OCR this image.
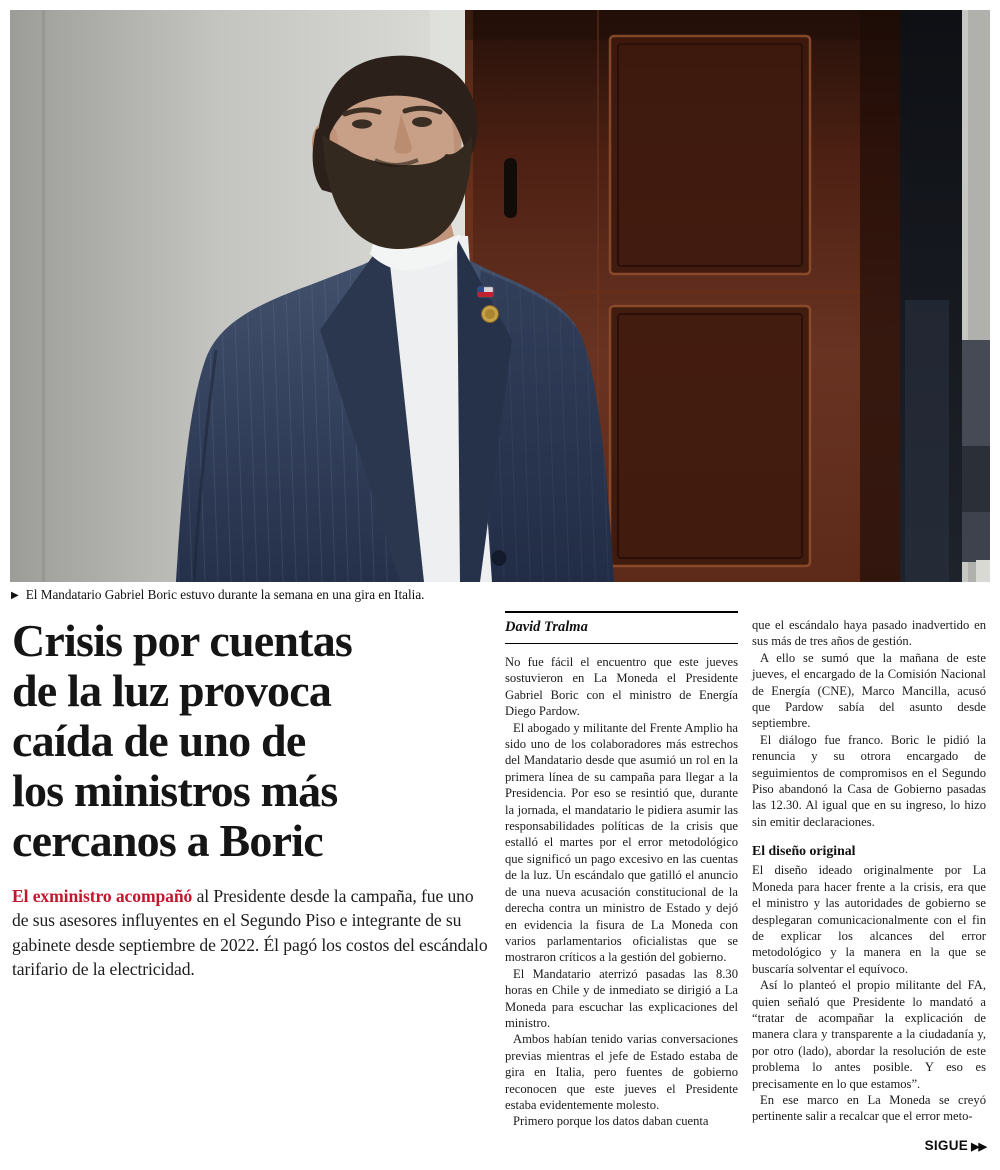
▶ El Mandatario Gabriel Boric estuvo durante la semana en una gira en Italia.
Crisis por cuentas
de la luz provoca
caída de uno de
los ministros más
cercanos a Boric
El exministro acompañó al Presidente desde la campaña, fue uno de sus asesores influyentes en el Segundo Piso e integrante de su gabinete desde septiembre de 2022. Él pagó los costos del escándalo tarifario de la electricidad.
David Tralma

No fue fácil el encuentro que este jueves sostuvieron en La Moneda el Presidente Gabriel Boric con el ministro de Energía Diego Pardow.

El abogado y militante del Frente Amplio ha sido uno de los colaboradores más estrechos del Mandatario desde que asumió un rol en la primera línea de su campaña para llegar a la Presidencia. Por eso se resintió que, durante la jornada, el mandatario le pidiera asumir las responsabilidades políticas de la crisis que estalló el martes por el error metodológico que significó un pago excesivo en las cuentas de la luz. Un escándalo que gatilló el anuncio de una nueva acusación constitucional de la derecha contra un ministro de Estado y dejó en evidencia la fisura de La Moneda con varios parlamentarios oficialistas que se mostraron críticos a la gestión del gobierno.

El Mandatario aterrizó pasadas las 8.30 horas en Chile y de inmediato se dirigió a La Moneda para escuchar las explicaciones del ministro.

Ambos habían tenido varias conversaciones previas mientras el jefe de Estado estaba de gira en Italia, pero fuentes de gobierno reconocen que este jueves el Presidente estaba evidentemente molesto.

Primero porque los datos daban cuenta

que el escándalo haya pasado inadvertido en sus más de tres años de gestión.

A ello se sumó que la mañana de este jueves, el encargado de la Comisión Nacional de Energía (CNE), Marco Mancilla, acusó que Pardow sabía del asunto desde septiembre.

El diálogo fue franco. Boric le pidió la renuncia y su otrora encargado de seguimientos de compromisos en el Segundo Piso abandonó la Casa de Gobierno pasadas las 12.30. Al igual que en su ingreso, lo hizo sin emitir declaraciones.

El diseño original

El diseño ideado originalmente por La Moneda para hacer frente a la crisis, era que el ministro y las autoridades de gobierno se desplegaran comunicacionalmente con el fin de explicar los alcances del error metodológico y la manera en la que se buscaría solventar el equívoco.

Así lo planteó el propio militante del FA, quien señaló que Presidente lo mandató a “tratar de acompañar la explicación de manera clara y transparente a la ciudadanía y, por otro (lado), abordar la resolución de este problema lo antes posible. Y eso es precisamente en lo que estamos”.

En ese marco en La Moneda se creyó pertinente salir a recalcar que el error meto-

SIGUE ▶▶
